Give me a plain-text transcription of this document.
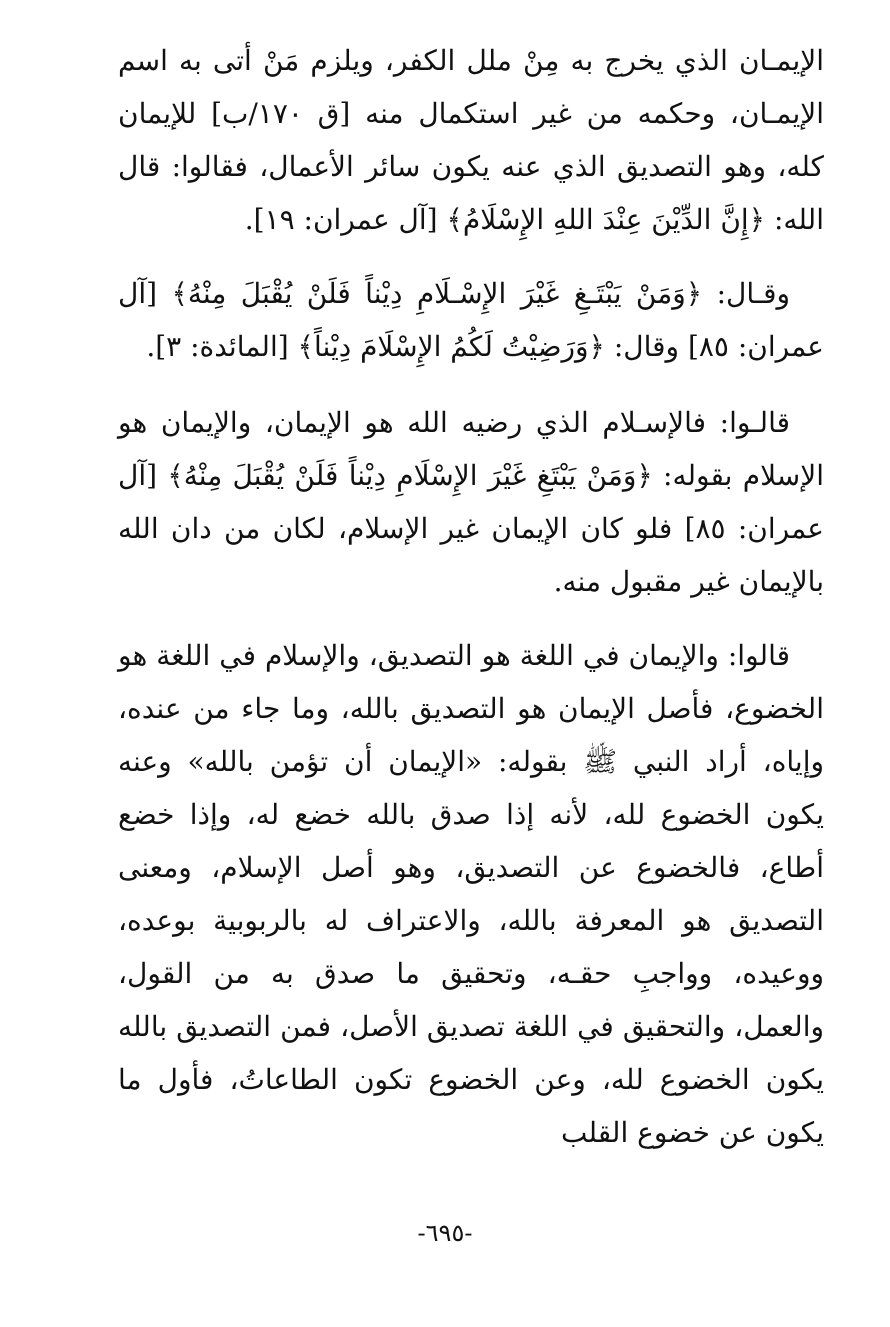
الإيمـان الذي يخرج به مِنْ ملل الكفر، ويلزم مَنْ أتى به اسم الإيمـان، وحكمه من غير استكمال منه [ق ١٧٠/ب] للإيمان كله، وهو التصديق الذي عنه يكون سائر الأعمال، فقالوا: قال الله: ﴿إِنَّ الدِّيْنَ عِنْدَ اللهِ الإِسْلَامُ﴾ [آل عمران: ١٩].

وقـال: ﴿وَمَنْ يَبْتَـغِ غَيْرَ الإِسْـلَامِ دِيْناً فَلَنْ يُقْبَلَ مِنْهُ﴾ [آل عمران: ٨٥] وقال: ﴿وَرَضِيْتُ لَكُمُ الإِسْلَامَ دِيْناً﴾ [المائدة: ٣].

قالـوا: فالإسـلام الذي رضيه الله هو الإيمان، والإيمان هو الإسلام بقوله: ﴿وَمَنْ يَبْتَغِ غَيْرَ الإِسْلَامِ دِيْناً فَلَنْ يُقْبَلَ مِنْهُ﴾ [آل عمران: ٨٥] فلو كان الإيمان غير الإسلام، لكان من دان الله بالإيمان غير مقبول منه.

قالوا: والإيمان في اللغة هو التصديق، والإسلام في اللغة هو الخضوع، فأصل الإيمان هو التصديق بالله، وما جاء من عنده، وإياه، أراد النبي ﷺ بقوله: «الإيمان أن تؤمن بالله» وعنه يكون الخضوع لله، لأنه إذا صدق بالله خضع له، وإذا خضع أطاع، فالخضوع عن التصديق، وهو أصل الإسلام، ومعنى التصديق هو المعرفة بالله، والاعتراف له بالربوبية بوعده، ووعيده، وواجبِ حقـه، وتحقيق ما صدق به من القول، والعمل، والتحقيق في اللغة تصديق الأصل، فمن التصديق بالله يكون الخضوع لله، وعن الخضوع تكون الطاعاتُ، فأول ما يكون عن خضوع القلب

-٦٩٥-
